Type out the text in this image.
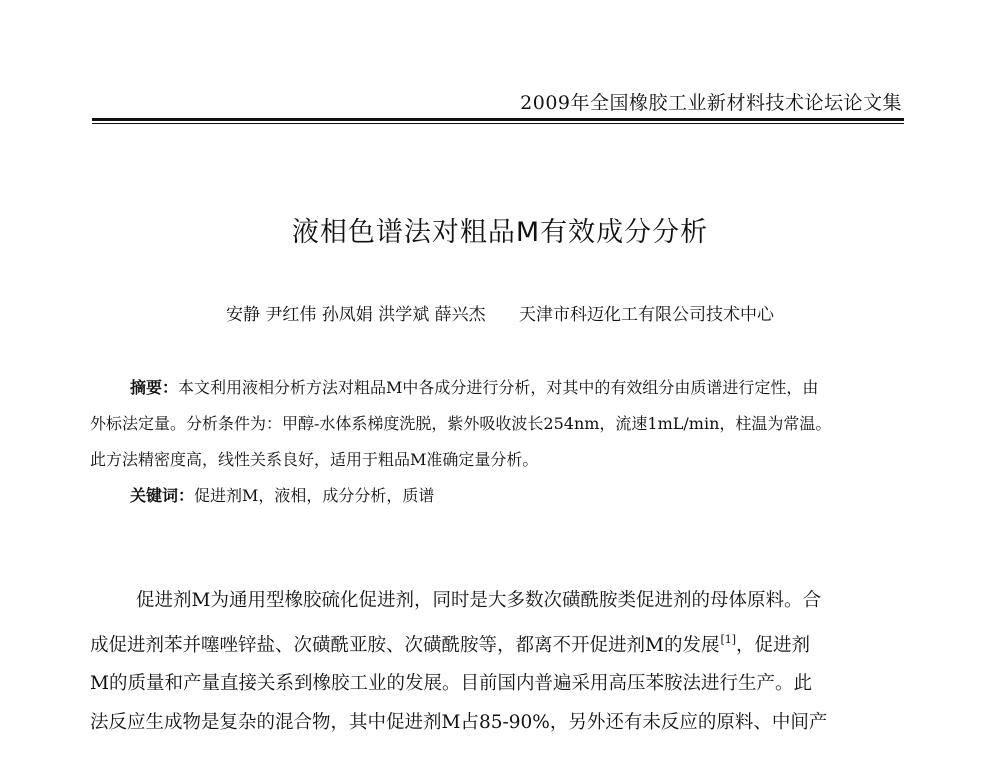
2009年全国橡胶工业新材料技术论坛论文集
液相色谱法对粗品M有效成分分析
安静 尹红伟 孙凤娟 洪学斌 薛兴杰 天津市科迈化工有限公司技术中心
摘要：本文利用液相分析方法对粗品M中各成分进行分析，对其中的有效组分由质谱进行定性，由
外标法定量。分析条件为：甲醇-水体系梯度洗脱，紫外吸收波长254nm，流速1mL/min，柱温为常温。
此方法精密度高，线性关系良好，适用于粗品M准确定量分析。
关键词：促进剂M，液相，成分分析，质谱
促进剂M为通用型橡胶硫化促进剂，同时是大多数次磺酰胺类促进剂的母体原料。合
成促进剂苯并噻唑锌盐、次磺酰亚胺、次磺酰胺等，都离不开促进剂M的发展[1]，促进剂
M的质量和产量直接关系到橡胶工业的发展。目前国内普遍采用高压苯胺法进行生产。此
法反应生成物是复杂的混合物，其中促进剂M占85-90%，另外还有未反应的原料、中间产
